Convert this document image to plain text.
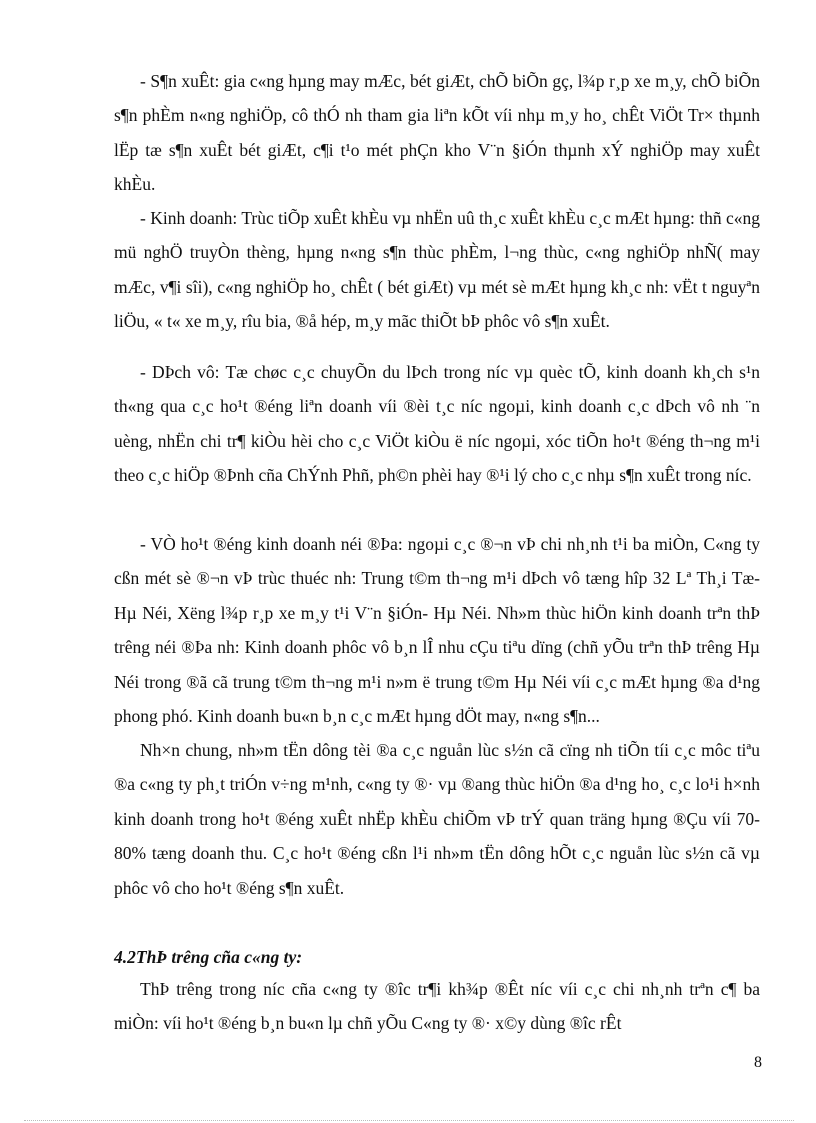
- S¶n xuÊt: gia c«ng hµng may mÆc, bét giÆt, chÕ biÕn gç, l¾p r¸p xe m¸y, chÕ biÕn s¶n phÈm n«ng nghiÖp, cô thÓ nh tham gia liªn kÕt víi nhµ m¸y ho¸ chÊt ViÖt Tr× thµnh lËp tæ s¶n xuÊt bét giÆt, c¶i t¹o mét phÇn kho V¨n §iÓn thµnh xÝ nghiÖp may xuÊt khÈu.

- Kinh doanh: Trùc tiÕp xuÊt khÈu vµ nhËn uû th¸c xuÊt khÈu c¸c mÆt hµng: thñ c«ng mü nghÖ truyÒn thèng, hµng n«ng s¶n thùc phÈm, l¬ng thùc, c«ng nghiÖp nhÑ( may mÆc, v¶i sîi), c«ng nghiÖp ho¸ chÊt ( bét giÆt) vµ mét sè mÆt hµng kh¸c nh: vËt t nguyªn liÖu, « t« xe m¸y, rîu bia, ®å hép, m¸y mãc thiÕt bÞ phôc vô s¶n xuÊt.

- DÞch vô: Tæ chøc c¸c chuyÕn du lÞch trong níc vµ quèc tÕ, kinh doanh kh¸ch s¹n th«ng qua c¸c ho¹t ®éng liªn doanh víi ®èi t¸c níc ngoµi, kinh doanh c¸c dÞch vô nh ¨n uèng, nhËn chi tr¶ kiÒu hèi cho c¸c ViÖt kiÒu ë níc ngoµi, xóc tiÕn ho¹t ®éng th¬ng m¹i theo c¸c hiÖp ®Þnh cña ChÝnh Phñ, ph©n phèi hay ®¹i lý cho c¸c nhµ s¶n xuÊt trong níc.

- VÒ ho¹t ®éng kinh doanh néi ®Þa: ngoµi c¸c ®¬n vÞ chi nh¸nh t¹i ba miÒn, C«ng ty cßn mét sè ®¬n vÞ trùc thuéc nh: Trung t©m th¬ng m¹i dÞch vô tæng hîp 32 Lª Th¸i Tæ- Hµ Néi, Xëng l¾p r¸p xe m¸y t¹i V¨n §iÓn- Hµ Néi. Nh»m thùc hiÖn kinh doanh trªn thÞ trêng néi ®Þa nh: Kinh doanh phôc vô b¸n lÎ nhu cÇu tiªu dïng (chñ yÕu trªn thÞ trêng Hµ Néi trong ®ã cã trung t©m th¬ng m¹i n»m ë trung t©m Hµ Néi víi c¸c mÆt hµng ®a d¹ng phong phó. Kinh doanh bu«n b¸n c¸c mÆt hµng dÖt may, n«ng s¶n...

Nh×n chung, nh»m tËn dông tèi ®a c¸c nguån lùc s½n cã cïng nh tiÕn tíi c¸c môc tiªu ®a c«ng ty ph¸t triÓn v÷ng m¹nh, c«ng ty ®· vµ ®ang thùc hiÖn ®a d¹ng ho¸ c¸c lo¹i h×nh kinh doanh trong ho¹t ®éng xuÊt nhËp khÈu chiÕm vÞ trÝ quan träng hµng ®Çu víi 70- 80% tæng doanh thu. C¸c ho¹t ®éng cßn l¹i nh»m tËn dông hÕt c¸c nguån lùc s½n cã vµ phôc vô cho ho¹t ®éng s¶n xuÊt.

4.2ThÞ trêng cña c«ng ty:

ThÞ trêng trong níc cña c«ng ty ®îc tr¶i kh¾p ®Êt níc víi c¸c chi nh¸nh trªn c¶ ba miÒn: víi ho¹t ®éng b¸n bu«n lµ chñ yÕu C«ng ty ®· x©y dùng ®îc rÊt

8
